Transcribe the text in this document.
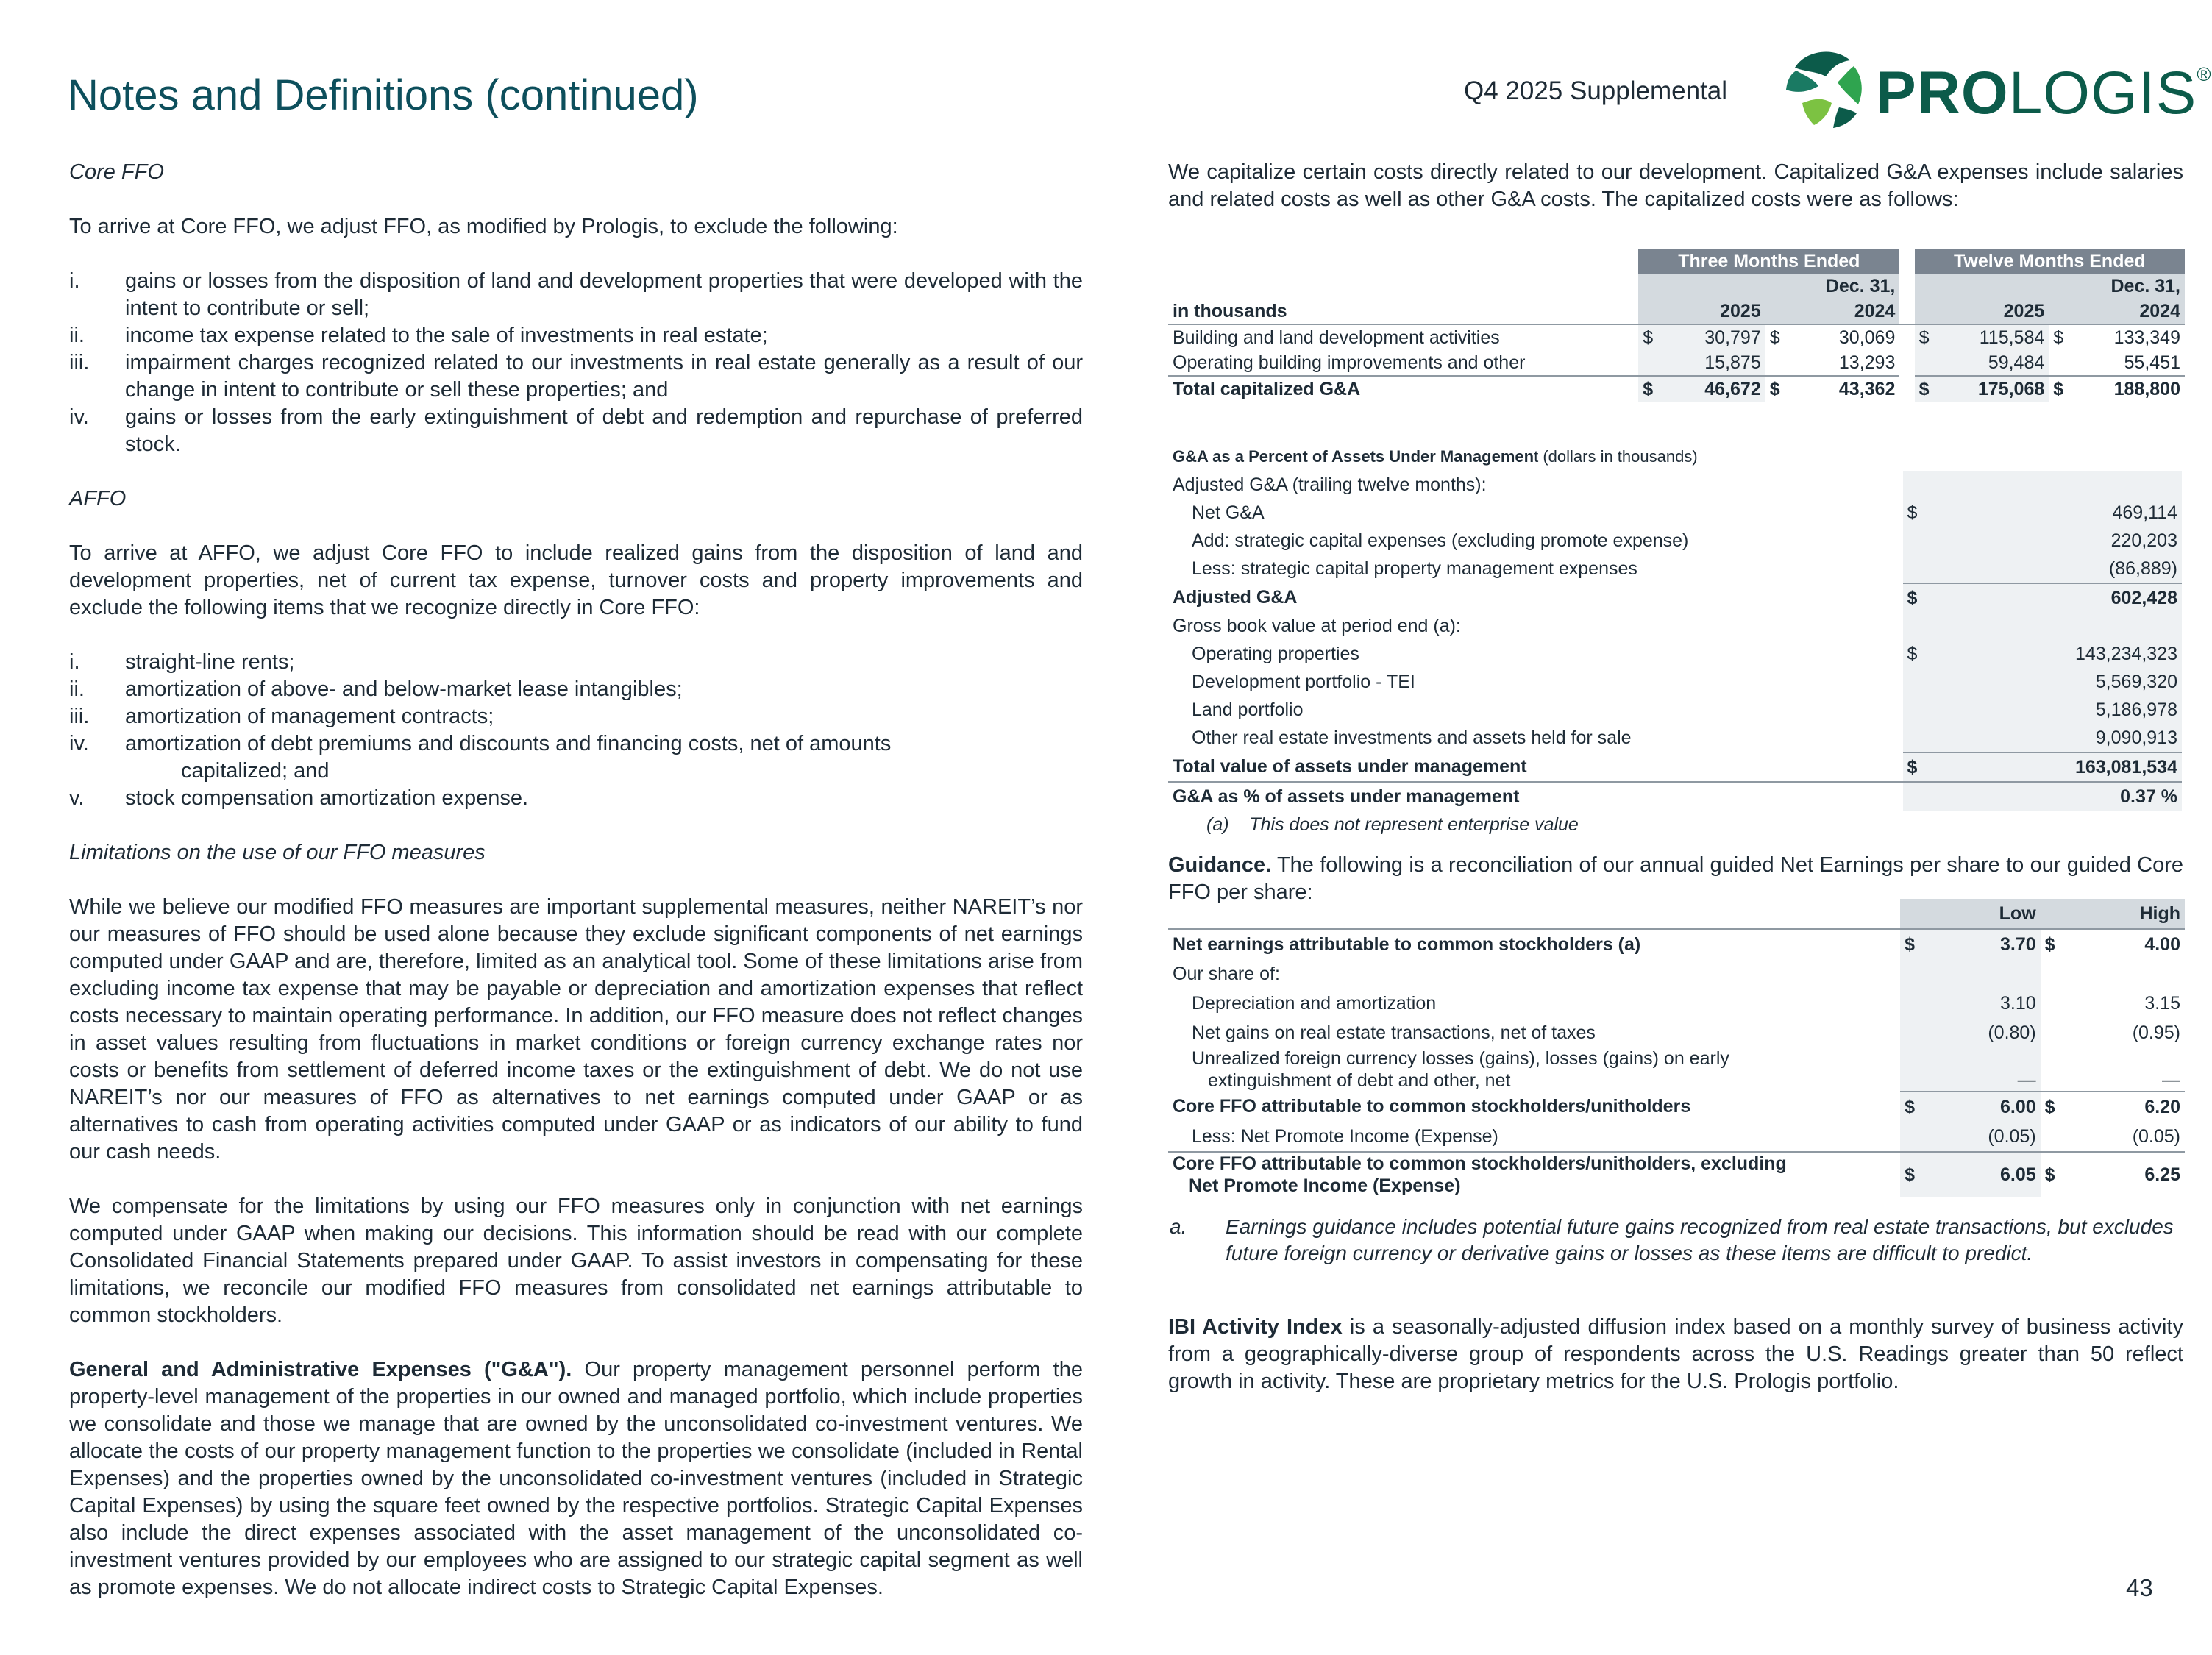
Notes and Definitions (continued)	Q4 2025 Supplemental PROLOGIS®

Core FFO

To arrive at Core FFO, we adjust FFO, as modified by Prologis, to exclude the following:

i. gains or losses from the disposition of land and development properties that were developed with the intent to contribute or sell;
ii. income tax expense related to the sale of investments in real estate;
iii. impairment charges recognized related to our investments in real estate generally as a result of our change in intent to contribute or sell these properties; and
iv. gains or losses from the early extinguishment of debt and redemption and repurchase of preferred stock.

AFFO

To arrive at AFFO, we adjust Core FFO to include realized gains from the disposition of land and development properties, net of current tax expense, turnover costs and property improvements and exclude the following items that we recognize directly in Core FFO:

i. straight-line rents;
ii. amortization of above- and below-market lease intangibles;
iii. amortization of management contracts;
iv. amortization of debt premiums and discounts and financing costs, net of amounts
capitalized; and
v. stock compensation amortization expense.

Limitations on the use of our FFO measures

While we believe our modified FFO measures are important supplemental measures, neither NAREIT’s nor our measures of FFO should be used alone because they exclude significant components of net earnings computed under GAAP and are, therefore, limited as an analytical tool. Some of these limitations arise from excluding income tax expense that may be payable or depreciation and amortization expenses that reflect costs necessary to maintain operating performance. In addition, our FFO measure does not reflect changes in asset values resulting from fluctuations in market conditions or foreign currency exchange rates nor costs or benefits from settlement of deferred income taxes or the extinguishment of debt. We do not use NAREIT’s nor our measures of FFO as alternatives to net earnings computed under GAAP or as alternatives to cash from operating activities computed under GAAP or as indicators of our ability to fund our cash needs.

We compensate for the limitations by using our FFO measures only in conjunction with net earnings computed under GAAP when making our decisions. This information should be read with our complete Consolidated Financial Statements prepared under GAAP. To assist investors in compensating for these limitations, we reconcile our modified FFO measures from consolidated net earnings attributable to common stockholders.

General and Administrative Expenses ("G&A"). Our property management personnel perform the property-level management of the properties in our owned and managed portfolio, which include properties we consolidate and those we manage that are owned by the unconsolidated co-investment ventures. We allocate the costs of our property management function to the properties we consolidate (included in Rental Expenses) and the properties owned by the unconsolidated co-investment ventures (included in Strategic Capital Expenses) by using the square feet owned by the respective portfolios. Strategic Capital Expenses also include the direct expenses associated with the asset management of the unconsolidated co-investment ventures provided by our employees who are assigned to our strategic capital segment as well as promote expenses. We do not allocate indirect costs to Strategic Capital Expenses.

We capitalize certain costs directly related to our development. Capitalized G&A expenses include salaries and related costs as well as other G&A costs. The capitalized costs were as follows:

	Three Months Ended					Twelve Months Ended			
	Dec. 31,					Dec. 31,			
in thousands	2025		2024			2025		2024	
Building and land development activities	$	30,797	$	30,069		$	115,584	$	133,349
Operating building improvements and other		15,875		13,293			59,484		55,451
Total capitalized G&A	$	46,672	$	43,362		$	175,068	$	188,800
G&A as a Percent of Assets Under Management (dollars in thousands)		
Adjusted G&A (trailing twelve months):		
Net G&A	$	469,114
Add: strategic capital expenses (excluding promote expense)		220,203
Less: strategic capital property management expenses		(86,889)
Adjusted G&A	$	602,428
Gross book value at period end (a):		
Operating properties	$	143,234,323
Development portfolio - TEI		5,569,320
Land portfolio		5,186,978
Other real estate investments and assets held for sale		9,090,913
Total value of assets under management	$	163,081,534
G&A as % of assets under management		0.37 %
(a) This does not represent enterprise value		

Guidance. The following is a reconciliation of our annual guided Net Earnings per share to our guided Core FFO per share:

	Low		High	
Net earnings attributable to common stockholders (a)	$	3.70	$	4.00
Our share of:				
Depreciation and amortization		3.10		3.15
Net gains on real estate transactions, net of taxes		(0.80)		(0.95)
Unrealized foreign currency losses (gains), losses (gains) on early
extinguishment of debt and other, net		—		—
Core FFO attributable to common stockholders/unitholders	$	6.00	$	6.20
Less: Net Promote Income (Expense)		(0.05)		(0.05)
Core FFO attributable to common stockholders/unitholders, excluding
Net Promote Income (Expense)	$	6.05	$	6.25
a. Earnings guidance includes potential future gains recognized from real estate transactions, but excludes future foreign currency or derivative gains or losses as these items are difficult to predict.

IBI Activity Index is a seasonally-adjusted diffusion index based on a monthly survey of business activity from a geographically-diverse group of respondents across the U.S. Readings greater than 50 reflect growth in activity. These are proprietary metrics for the U.S. Prologis portfolio.

43
